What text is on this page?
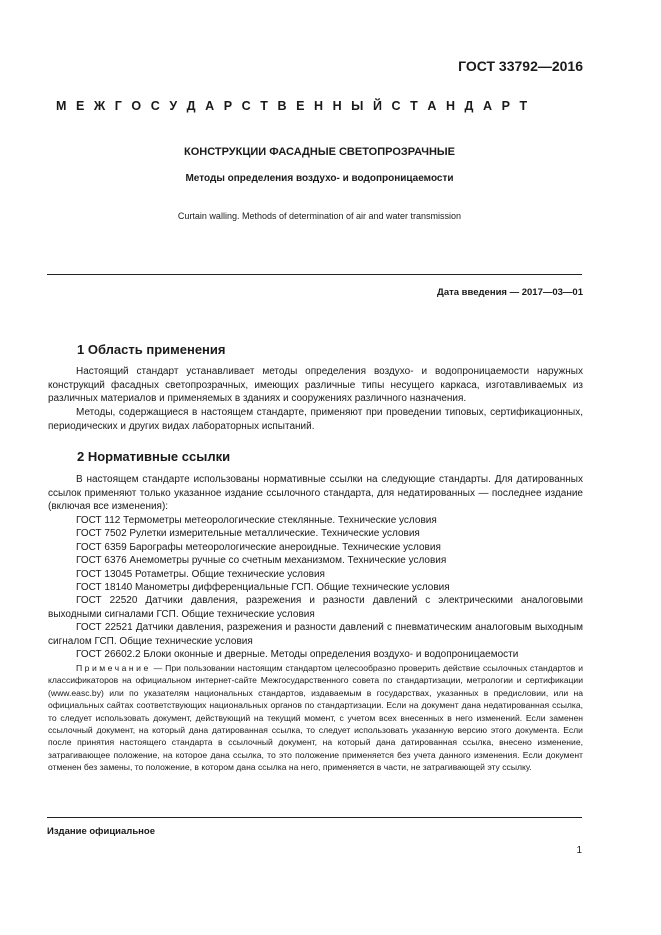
ГОСТ 33792—2016
М Е Ж Г О С У Д А Р С Т В Е Н Н Ы Й С Т А Н Д А Р Т
КОНСТРУКЦИИ ФАСАДНЫЕ СВЕТОПРОЗРАЧНЫЕ
Методы определения воздухо- и водопроницаемости
Curtain walling. Methods of determination of air and water transmission
Дата введения — 2017—03—01
1 Область применения
Настоящий стандарт устанавливает методы определения воздухо- и водопроницаемости наружных конструкций фасадных светопрозрачных, имеющих различные типы несущего каркаса, изготавливаемых из различных материалов и применяемых в зданиях и сооружениях различного назначения.
Методы, содержащиеся в настоящем стандарте, применяют при проведении типовых, сертификационных, периодических и других видах лабораторных испытаний.
2 Нормативные ссылки
В настоящем стандарте использованы нормативные ссылки на следующие стандарты. Для датированных ссылок применяют только указанное издание ссылочного стандарта, для недатированных — последнее издание (включая все изменения):
ГОСТ 112 Термометры метеорологические стеклянные. Технические условия
ГОСТ 7502 Рулетки измерительные металлические. Технические условия
ГОСТ 6359 Барографы метеорологические анероидные. Технические условия
ГОСТ 6376 Анемометры ручные со счетным механизмом. Технические условия
ГОСТ 13045 Ротаметры. Общие технические условия
ГОСТ 18140 Манометры дифференциальные ГСП. Общие технические условия
ГОСТ 22520 Датчики давления, разрежения и разности давлений с электрическими аналоговыми выходными сигналами ГСП. Общие технические условия
ГОСТ 22521 Датчики давления, разрежения и разности давлений с пневматическим аналоговым выходным сигналом ГСП. Общие технические условия
ГОСТ 26602.2 Блоки оконные и дверные. Методы определения воздухо- и водопроницаемости
Примечание — При пользовании настоящим стандартом целесообразно проверить действие ссылочных стандартов и классификаторов на официальном интернет-сайте Межгосударственного совета по стандартизации, метрологии и сертификации (www.easc.by) или по указателям национальных стандартов, издаваемым в государствах, указанных в предисловии, или на официальных сайтах соответствующих национальных органов по стандартизации. Если на документ дана недатированная ссылка, то следует использовать документ, действующий на текущий момент, с учетом всех внесенных в него изменений. Если заменен ссылочный документ, на который дана датированная ссылка, то следует использовать указанную версию этого документа. Если после принятия настоящего стандарта в ссылочный документ, на который дана датированная ссылка, внесено изменение, затрагивающее положение, на которое дана ссылка, то это положение применяется без учета данного изменения. Если документ отменен без замены, то положение, в котором дана ссылка на него, применяется в части, не затрагивающей эту ссылку.
Издание официальное
1
